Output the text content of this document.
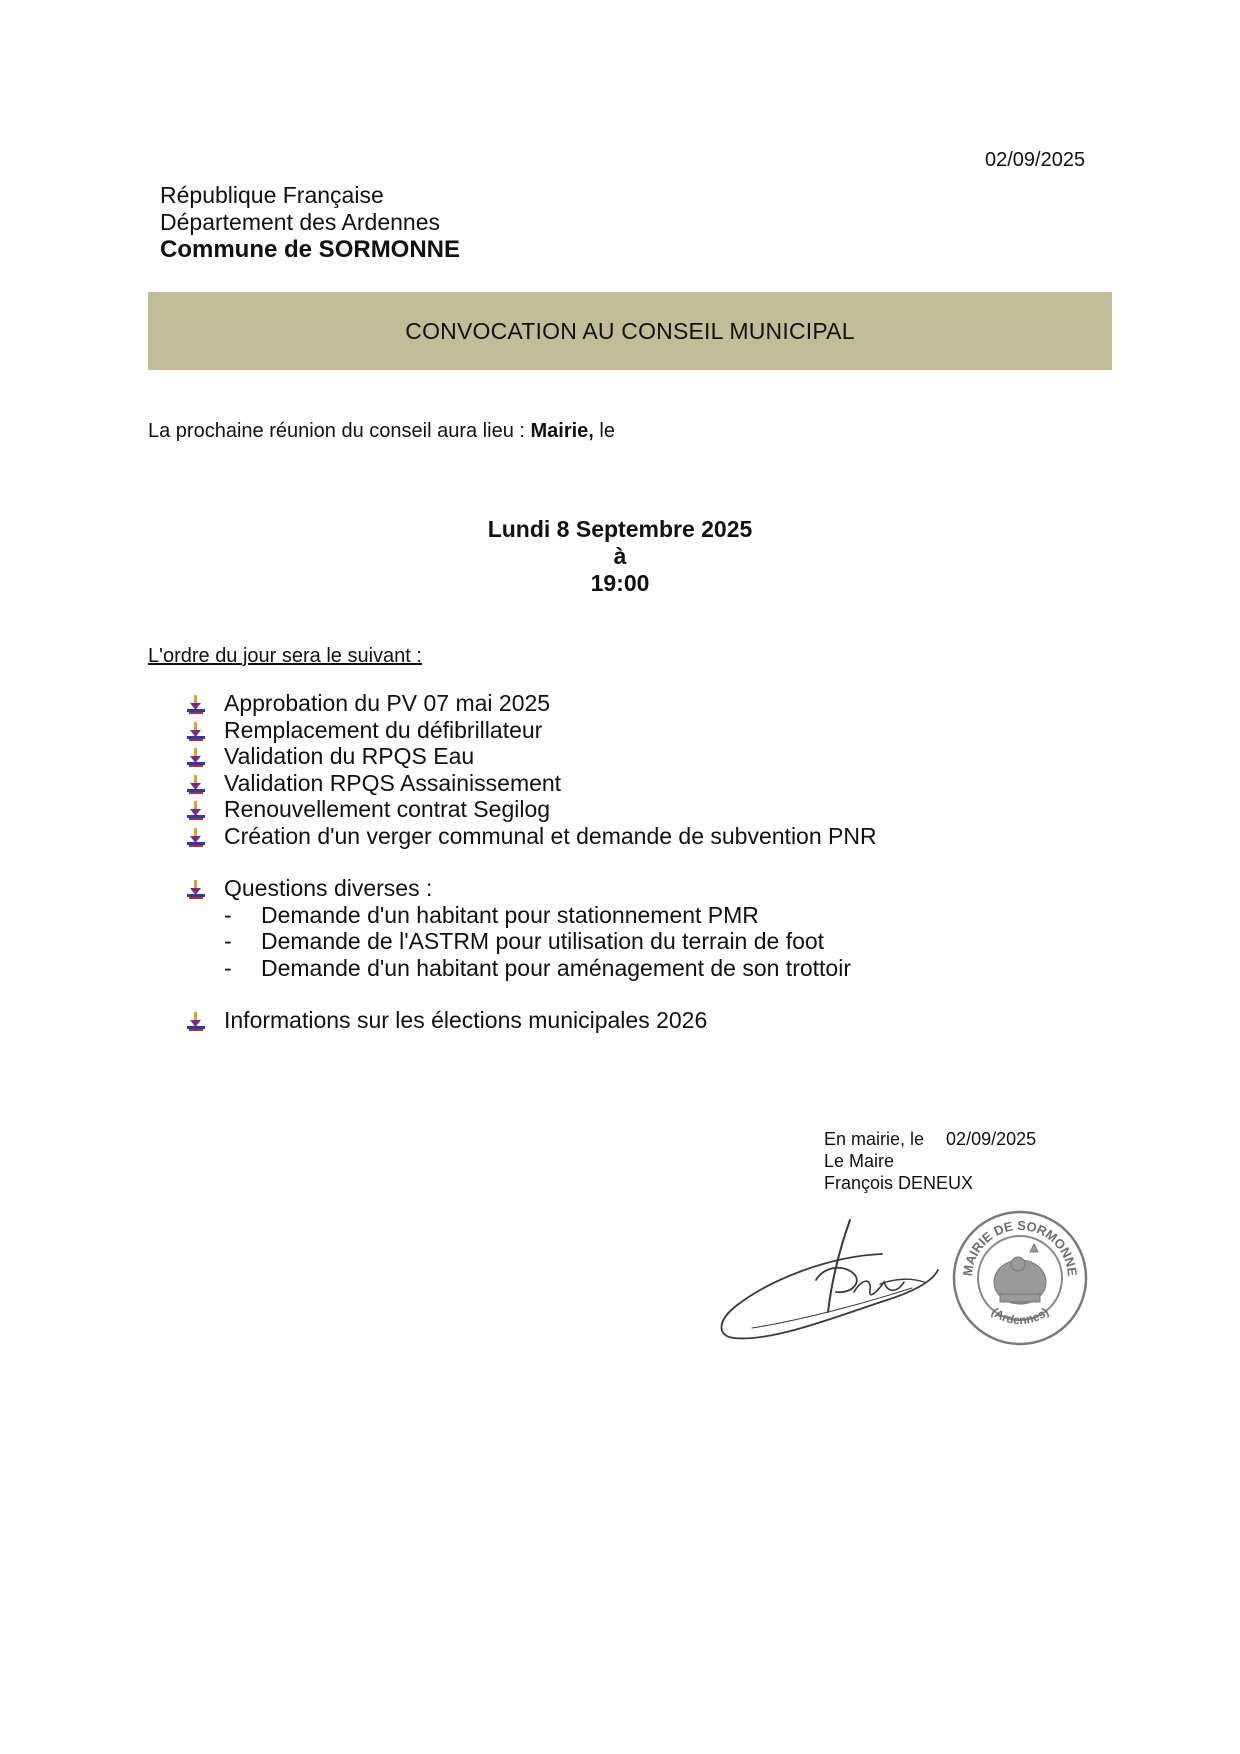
02/09/2025
République Française
Département des Ardennes
Commune de SORMONNE
CONVOCATION AU CONSEIL MUNICIPAL
La prochaine réunion du conseil aura lieu : Mairie, le
Lundi 8 Septembre 2025
à
19:00
L'ordre du jour sera le suivant :
Approbation du PV 07 mai 2025
Remplacement du défibrillateur
Validation du RPQS Eau
Validation RPQS Assainissement
Renouvellement contrat Segilog
Création d'un verger communal et demande de subvention PNR
Questions diverses :
- Demande d'un habitant pour stationnement PMR
- Demande de l'ASTRM pour utilisation du terrain de foot
- Demande d'un habitant pour aménagement de son trottoir
Informations sur les élections municipales 2026
En mairie, le 02/09/2025
Le Maire
François DENEUX
MAIRIE DE SORMONNE
(Ardennes)
